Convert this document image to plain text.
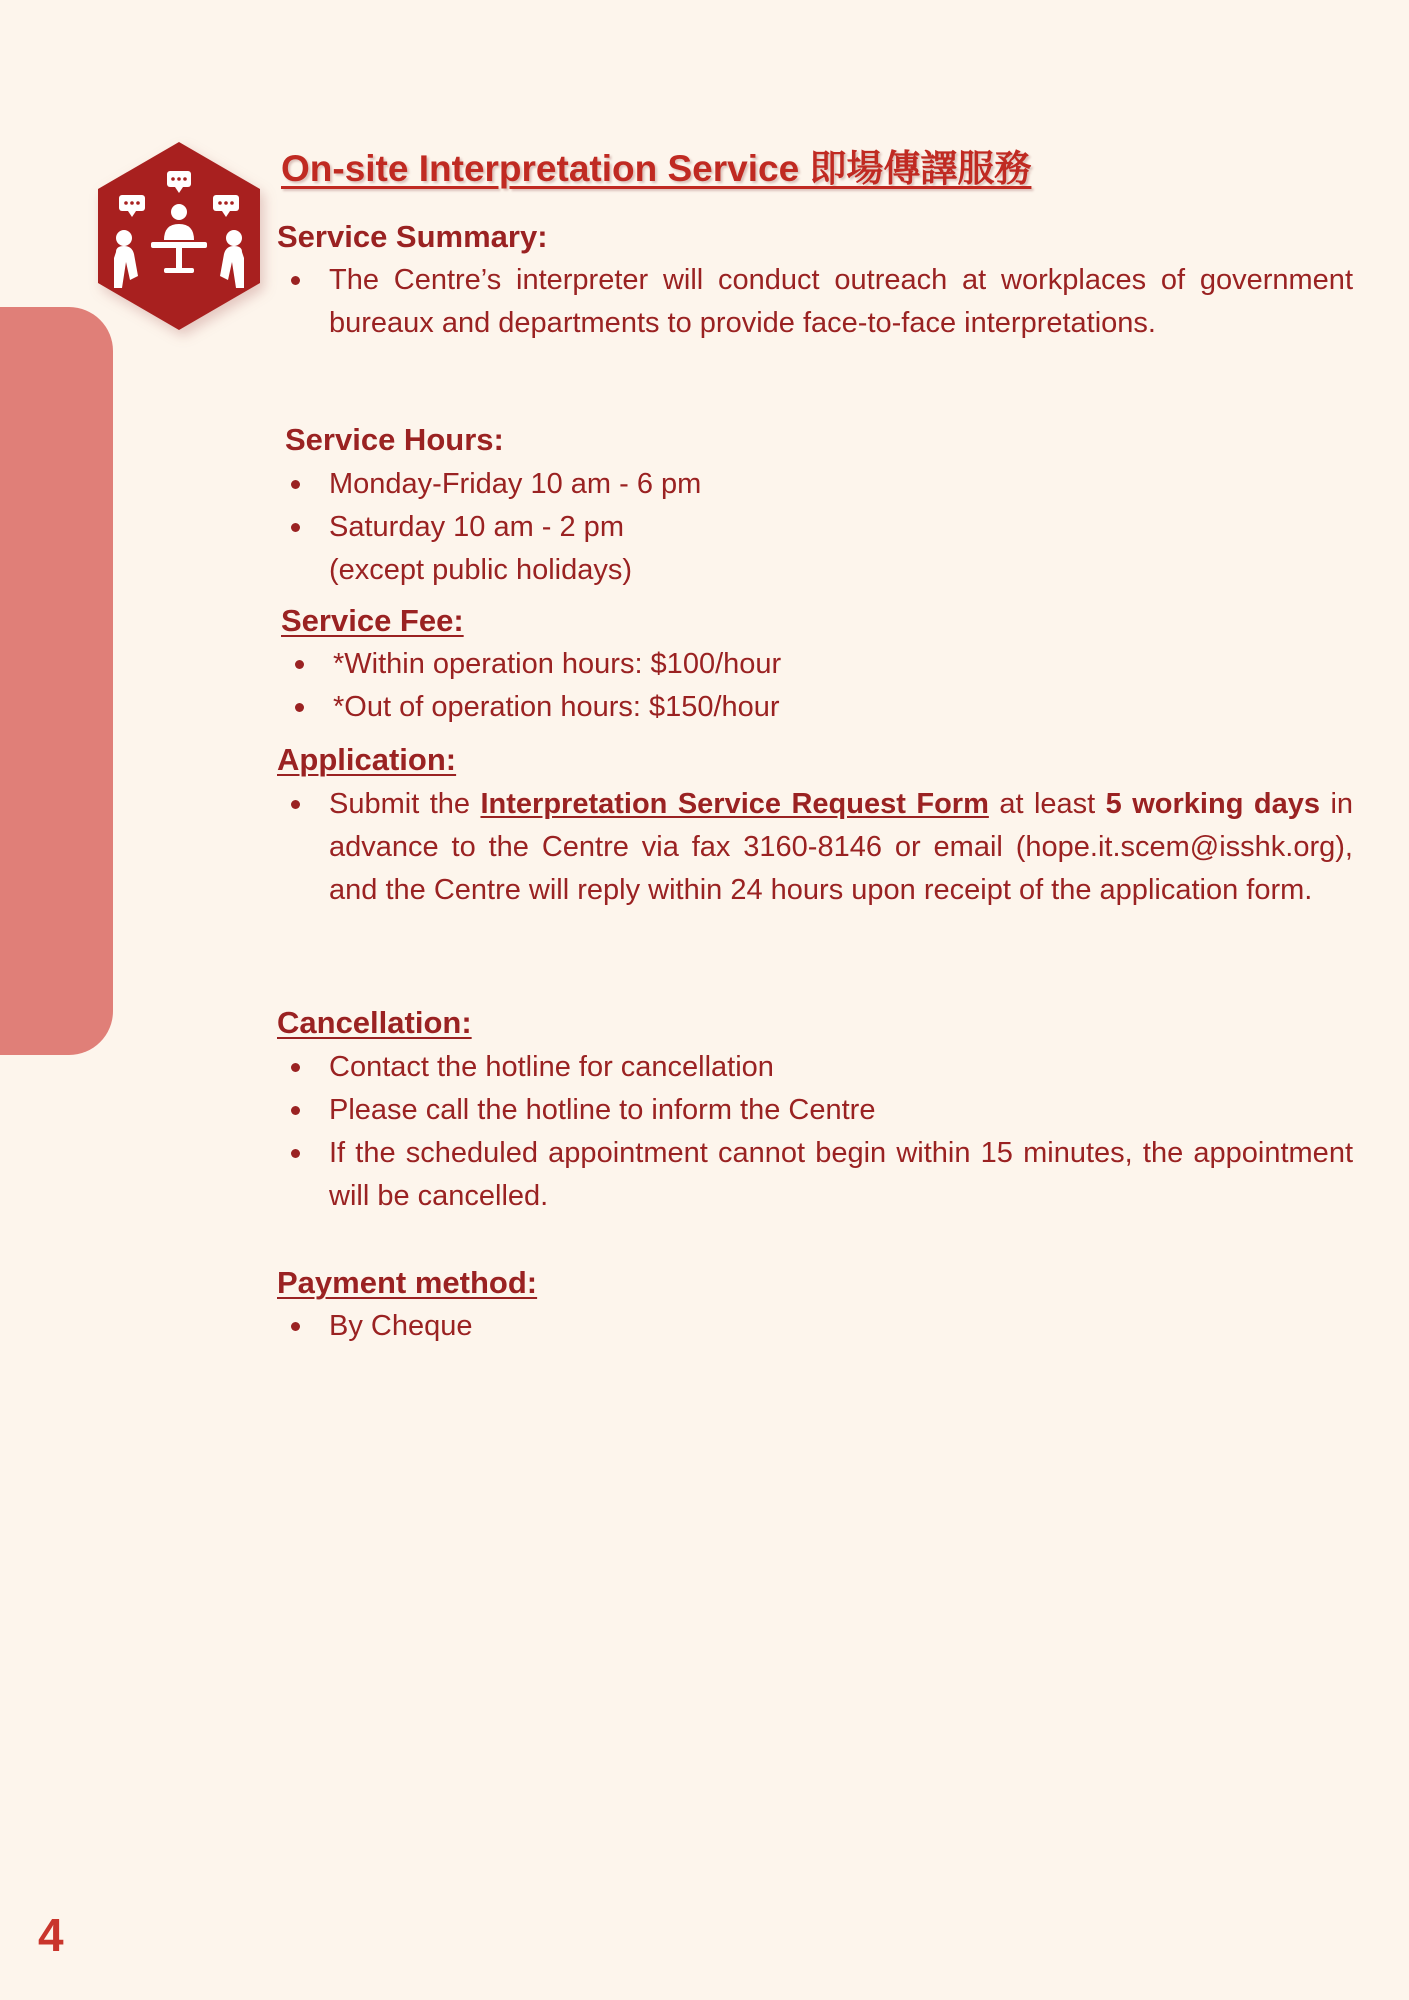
On-site Interpretation Service 即場傳譯服務
Service Summary:
The Centre’s interpreter will conduct outreach at workplaces of government bureaux and departments to provide face-to-face interpretations.
Service Hours:
Monday-Friday 10 am - 6 pm
Saturday 10 am - 2 pm
(except public holidays)
Service Fee:
*Within operation hours: $100/hour
*Out of operation hours: $150/hour
Application:
Submit the Interpretation Service Request Form at least 5 working days in advance to the Centre via fax 3160-8146 or email (hope.it.scem@isshk.org), and the Centre will reply within 24 hours upon receipt of the application form.
Cancellation:
Contact the hotline for cancellation
Please call the hotline to inform the Centre
If the scheduled appointment cannot begin within 15 minutes, the appointment will be cancelled.
Payment method:
By Cheque

4
